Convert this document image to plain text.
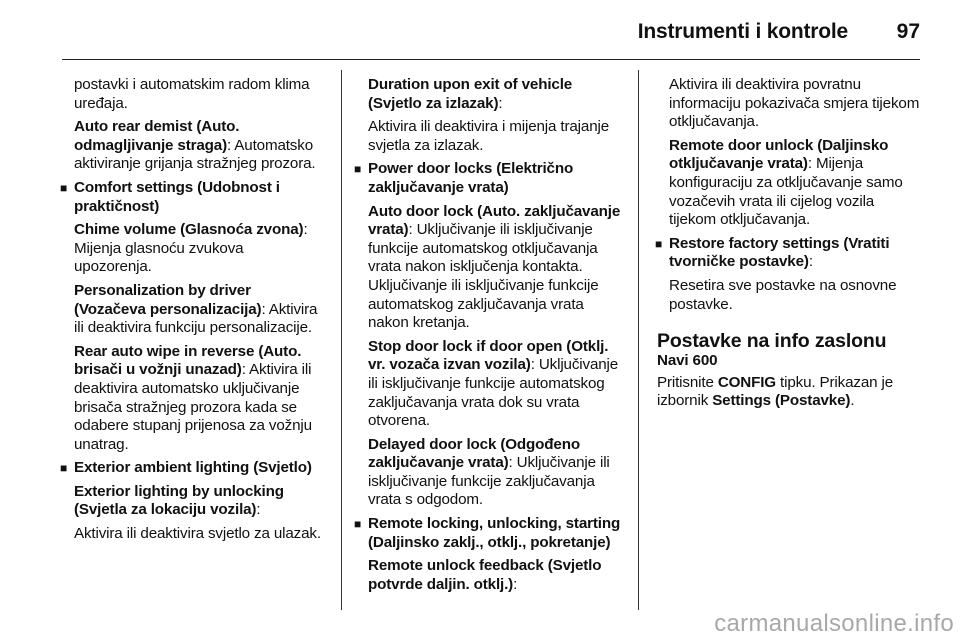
Instrumenti i kontrole 97

postavki i automatskim radom klima uređaja.

Auto rear demist (Auto. odmagljivanje straga): Automatsko aktiviranje grijanja stražnjeg prozora.

■ Comfort settings (Udobnost i praktičnost)

Chime volume (Glasnoća zvona): Mijenja glasnoću zvukova upozorenja.

Personalization by driver (Vozačeva personalizacija): Aktivira ili deaktivira funkciju personalizacije.

Rear auto wipe in reverse (Auto. brisači u vožnji unazad): Aktivira ili deaktivira automatsko uključivanje brisača stražnjeg prozora kada se odabere stupanj prijenosa za vožnju unatrag.

■ Exterior ambient lighting (Svjetlo)

Exterior lighting by unlocking (Svjetla za lokaciju vozila):

Aktivira ili deaktivira svjetlo za ulazak.

Duration upon exit of vehicle (Svjetlo za izlazak):

Aktivira ili deaktivira i mijenja trajanje svjetla za izlazak.

■ Power door locks (Električno zaključavanje vrata)

Auto door lock (Auto. zaključavanje vrata): Uključivanje ili isključivanje funkcije automatskog otključavanja vrata nakon isključenja kontakta. Uključivanje ili isključivanje funkcije automatskog zaključavanja vrata nakon kretanja.

Stop door lock if door open (Otklj. vr. vozača izvan vozila): Uključivanje ili isključivanje funkcije automatskog zaključavanja vrata dok su vrata otvorena.

Delayed door lock (Odgođeno zaključavanje vrata): Uključivanje ili isključivanje funkcije zaključavanja vrata s odgodom.

■ Remote locking, unlocking, starting (Daljinsko zaklj., otklj., pokretanje)

Remote unlock feedback (Svjetlo potvrde daljin. otklj.):

Aktivira ili deaktivira povratnu informaciju pokazivača smjera tijekom otključavanja.

Remote door unlock (Daljinsko otključavanje vrata): Mijenja konfiguraciju za otključavanje samo vozačevih vrata ili cijelog vozila tijekom otključavanja.

■ Restore factory settings (Vratiti tvorničke postavke):

Resetira sve postavke na osnovne postavke.

Postavke na info zaslonu
Navi 600

Pritisnite CONFIG tipku. Prikazan je izbornik Settings (Postavke).

carmanualsonline.info
